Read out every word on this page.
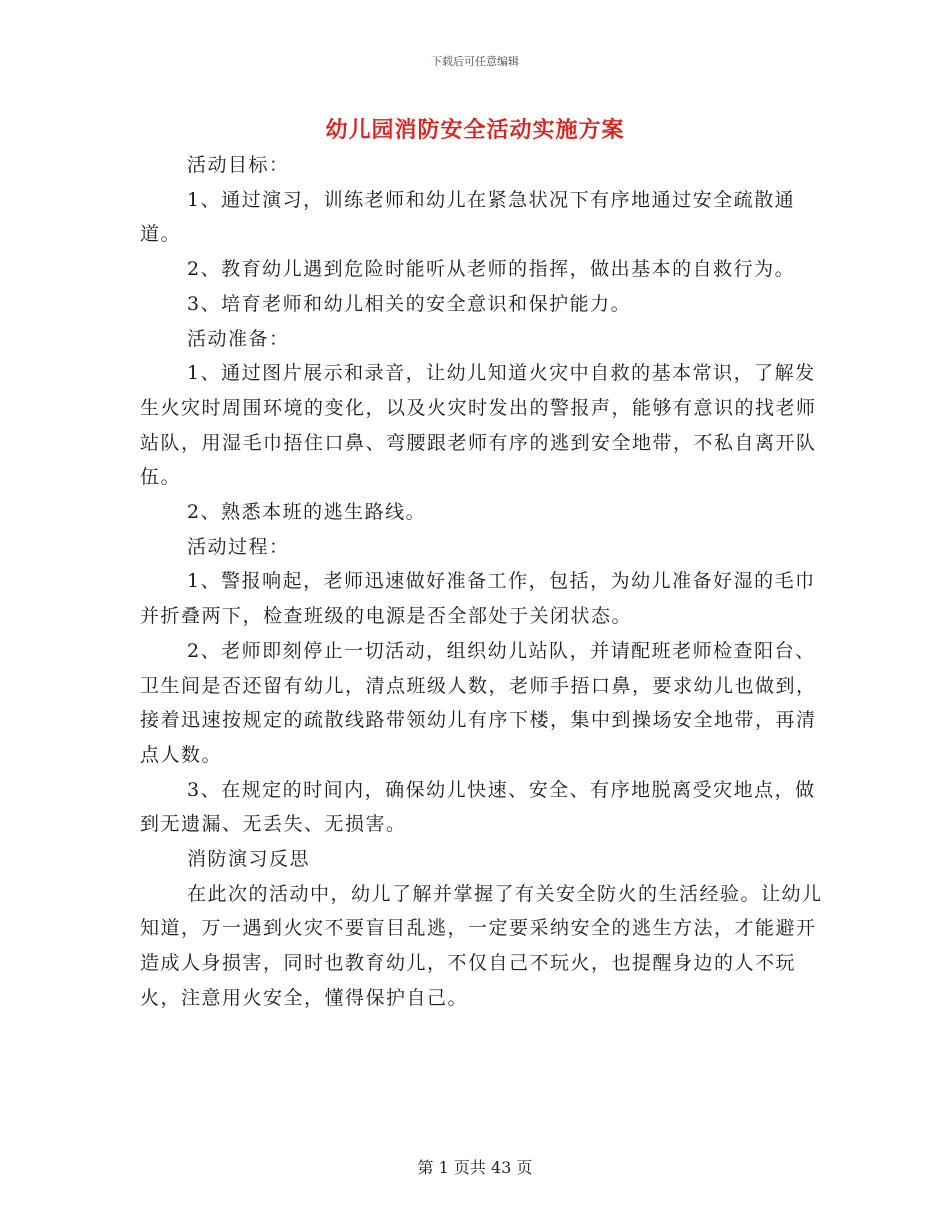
下载后可任意编辑
幼儿园消防安全活动实施方案

活动目标：

1、通过演习，训练老师和幼儿在紧急状况下有序地通过安全疏散通道。

2、教育幼儿遇到危险时能听从老师的指挥，做出基本的自救行为。

3、培育老师和幼儿相关的安全意识和保护能力。

活动准备：

1、通过图片展示和录音，让幼儿知道火灾中自救的基本常识，了解发生火灾时周围环境的变化，以及火灾时发出的警报声，能够有意识的找老师站队，用湿毛巾捂住口鼻、弯腰跟老师有序的逃到安全地带，不私自离开队伍。

2、熟悉本班的逃生路线。

活动过程：

1、警报响起，老师迅速做好准备工作，包括，为幼儿准备好湿的毛巾并折叠两下，检查班级的电源是否全部处于关闭状态。

2、老师即刻停止一切活动，组织幼儿站队，并请配班老师检查阳台、卫生间是否还留有幼儿，清点班级人数，老师手捂口鼻，要求幼儿也做到，接着迅速按规定的疏散线路带领幼儿有序下楼，集中到操场安全地带，再清点人数。

3、在规定的时间内，确保幼儿快速、安全、有序地脱离受灾地点，做到无遗漏、无丢失、无损害。

消防演习反思

在此次的活动中，幼儿了解并掌握了有关安全防火的生活经验。让幼儿知道，万一遇到火灾不要盲目乱逃，一定要采纳安全的逃生方法，才能避开造成人身损害，同时也教育幼儿，不仅自己不玩火，也提醒身边的人不玩火，注意用火安全，懂得保护自己。

第 1 页共 43 页
